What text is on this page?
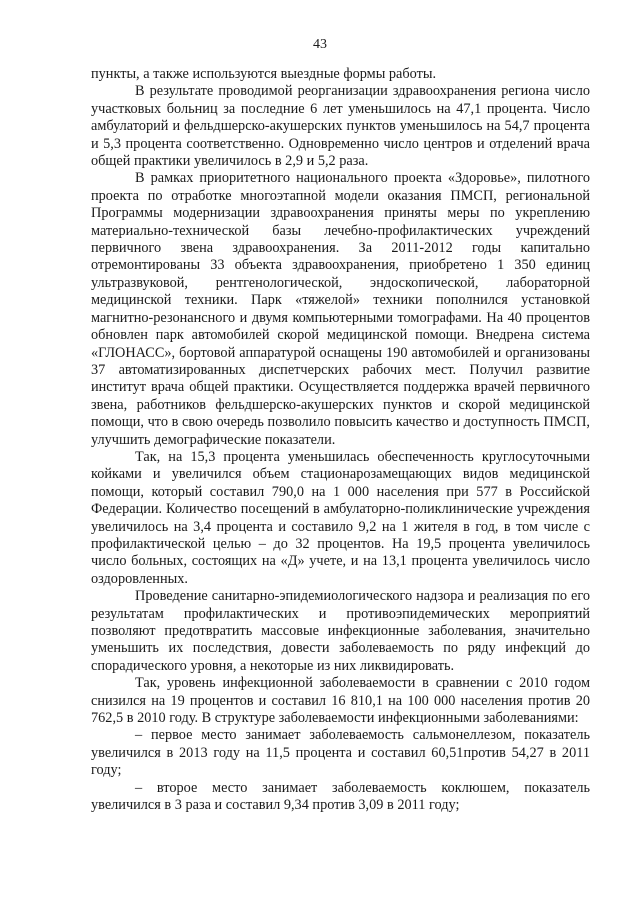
43

пункты, а также используются выездные формы работы.

В результате проводимой реорганизации здравоохранения региона число участковых больниц за последние 6 лет уменьшилось на 47,1 процента. Число амбулаторий и фельдшерско-акушерских пунктов уменьшилось на 54,7 процента и 5,3 процента соответственно. Одновременно число центров и отделений врача общей практики увеличилось в 2,9 и 5,2 раза.

В рамках приоритетного национального проекта «Здоровье», пилотного проекта по отработке многоэтапной модели оказания ПМСП, региональной Программы модернизации здравоохранения приняты меры по укреплению материально-технической базы лечебно-профилактических учреждений первичного звена здравоохранения. За 2011-2012 годы капитально отремонтированы 33 объекта здравоохранения, приобретено 1 350 единиц ультразвуковой, рентгенологической, эндоскопической, лабораторной медицинской техники. Парк «тяжелой» техники пополнился установкой магнитно-резонансного и двумя компьютерными томографами. На 40 процентов обновлен парк автомобилей скорой медицинской помощи. Внедрена система «ГЛОНАСС», бортовой аппаратурой оснащены 190 автомобилей и организованы 37 автоматизированных диспетчерских рабочих мест. Получил развитие институт врача общей практики. Осуществляется поддержка врачей первичного звена, работников фельдшерско-акушерских пунктов и скорой медицинской помощи, что в свою очередь позволило повысить качество и доступность ПМСП, улучшить демографические показатели.

Так, на 15,3 процента уменьшилась обеспеченность круглосуточными койками и увеличился объем стационарозамещающих видов медицинской помощи, который составил 790,0 на 1 000 населения при 577 в Российской Федерации. Количество посещений в амбулаторно-поликлинические учреждения увеличилось на 3,4 процента и составило 9,2 на 1 жителя в год, в том числе с профилактической целью – до 32 процентов. На 19,5 процента увеличилось число больных, состоящих на «Д» учете, и на 13,1 процента увеличилось число оздоровленных.

Проведение санитарно-эпидемиологического надзора и реализация по его результатам профилактических и противоэпидемических мероприятий позволяют предотвратить массовые инфекционные заболевания, значительно уменьшить их последствия, довести заболеваемость по ряду инфекций до спорадического уровня, а некоторые из них ликвидировать.

Так, уровень инфекционной заболеваемости в сравнении с 2010 годом снизился на 19 процентов и составил 16 810,1 на 100 000 населения против 20 762,5 в 2010 году. В структуре заболеваемости инфекционными заболеваниями:

– первое место занимает заболеваемость сальмонеллезом, показатель увеличился в 2013 году на 11,5 процента и составил 60,51против 54,27 в 2011 году;

– второе место занимает заболеваемость коклюшем, показатель увеличился в 3 раза и составил 9,34 против 3,09 в 2011 году;
